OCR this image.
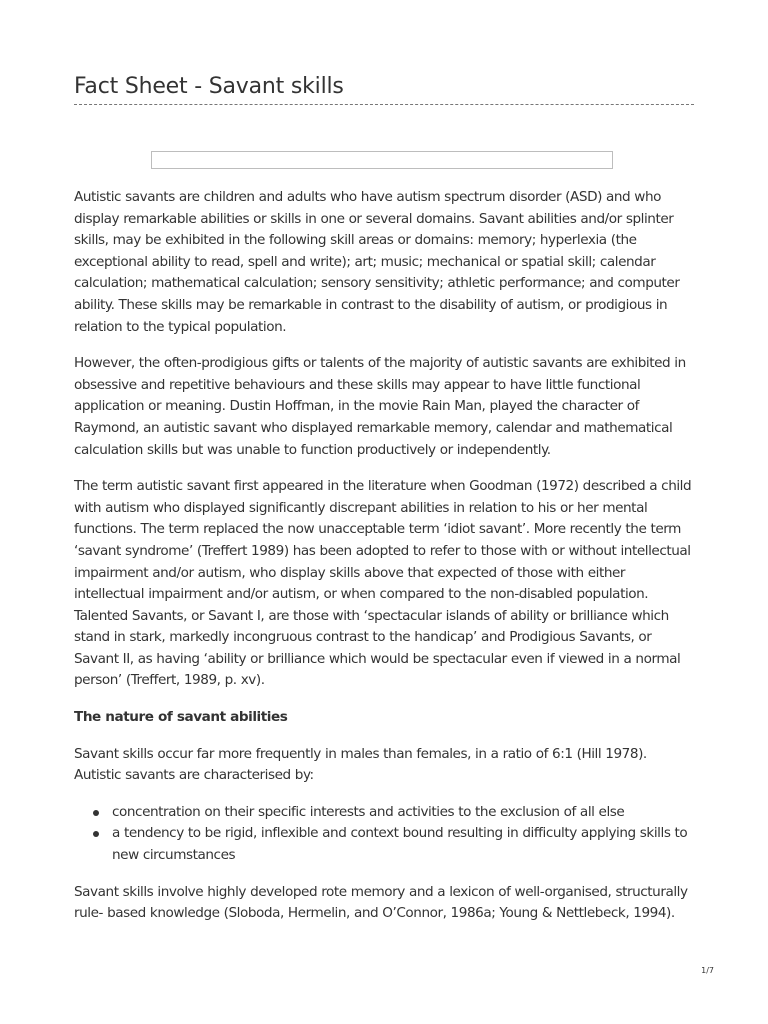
Fact Sheet - Savant skills

Autistic savants are children and adults who have autism spectrum disorder (ASD) and who display remarkable abilities or skills in one or several domains. Savant abilities and/or splinter skills, may be exhibited in the following skill areas or domains: memory; hyperlexia (the exceptional ability to read, spell and write); art; music; mechanical or spatial skill; calendar calculation; mathematical calculation; sensory sensitivity; athletic performance; and computer ability. These skills may be remarkable in contrast to the disability of autism, or prodigious in relation to the typical population.

However, the often-prodigious gifts or talents of the majority of autistic savants are exhibited in obsessive and repetitive behaviours and these skills may appear to have little functional application or meaning. Dustin Hoffman, in the movie Rain Man, played the character of Raymond, an autistic savant who displayed remarkable memory, calendar and mathematical calculation skills but was unable to function productively or independently.

The term autistic savant first appeared in the literature when Goodman (1972) described a child with autism who displayed significantly discrepant abilities in relation to his or her mental functions. The term replaced the now unacceptable term ‘idiot savant’. More recently the term ‘savant syndrome’ (Treffert 1989) has been adopted to refer to those with or without intellectual impairment and/or autism, who display skills above that expected of those with either intellectual impairment and/or autism, or when compared to the non-disabled population. Talented Savants, or Savant I, are those with ‘spectacular islands of ability or brilliance which stand in stark, markedly incongruous contrast to the handicap’ and Prodigious Savants, or Savant II, as having ‘ability or brilliance which would be spectacular even if viewed in a normal person’ (Treffert, 1989, p. xv).

The nature of savant abilities

Savant skills occur far more frequently in males than females, in a ratio of 6:1 (Hill 1978). Autistic savants are characterised by:

concentration on their specific interests and activities to the exclusion of all else
a tendency to be rigid, inflexible and context bound resulting in difficulty applying skills to new circumstances

Savant skills involve highly developed rote memory and a lexicon of well-organised, structurally rule- based knowledge (Sloboda, Hermelin, and O’Connor, 1986a; Young & Nettlebeck, 1994).

1/7
